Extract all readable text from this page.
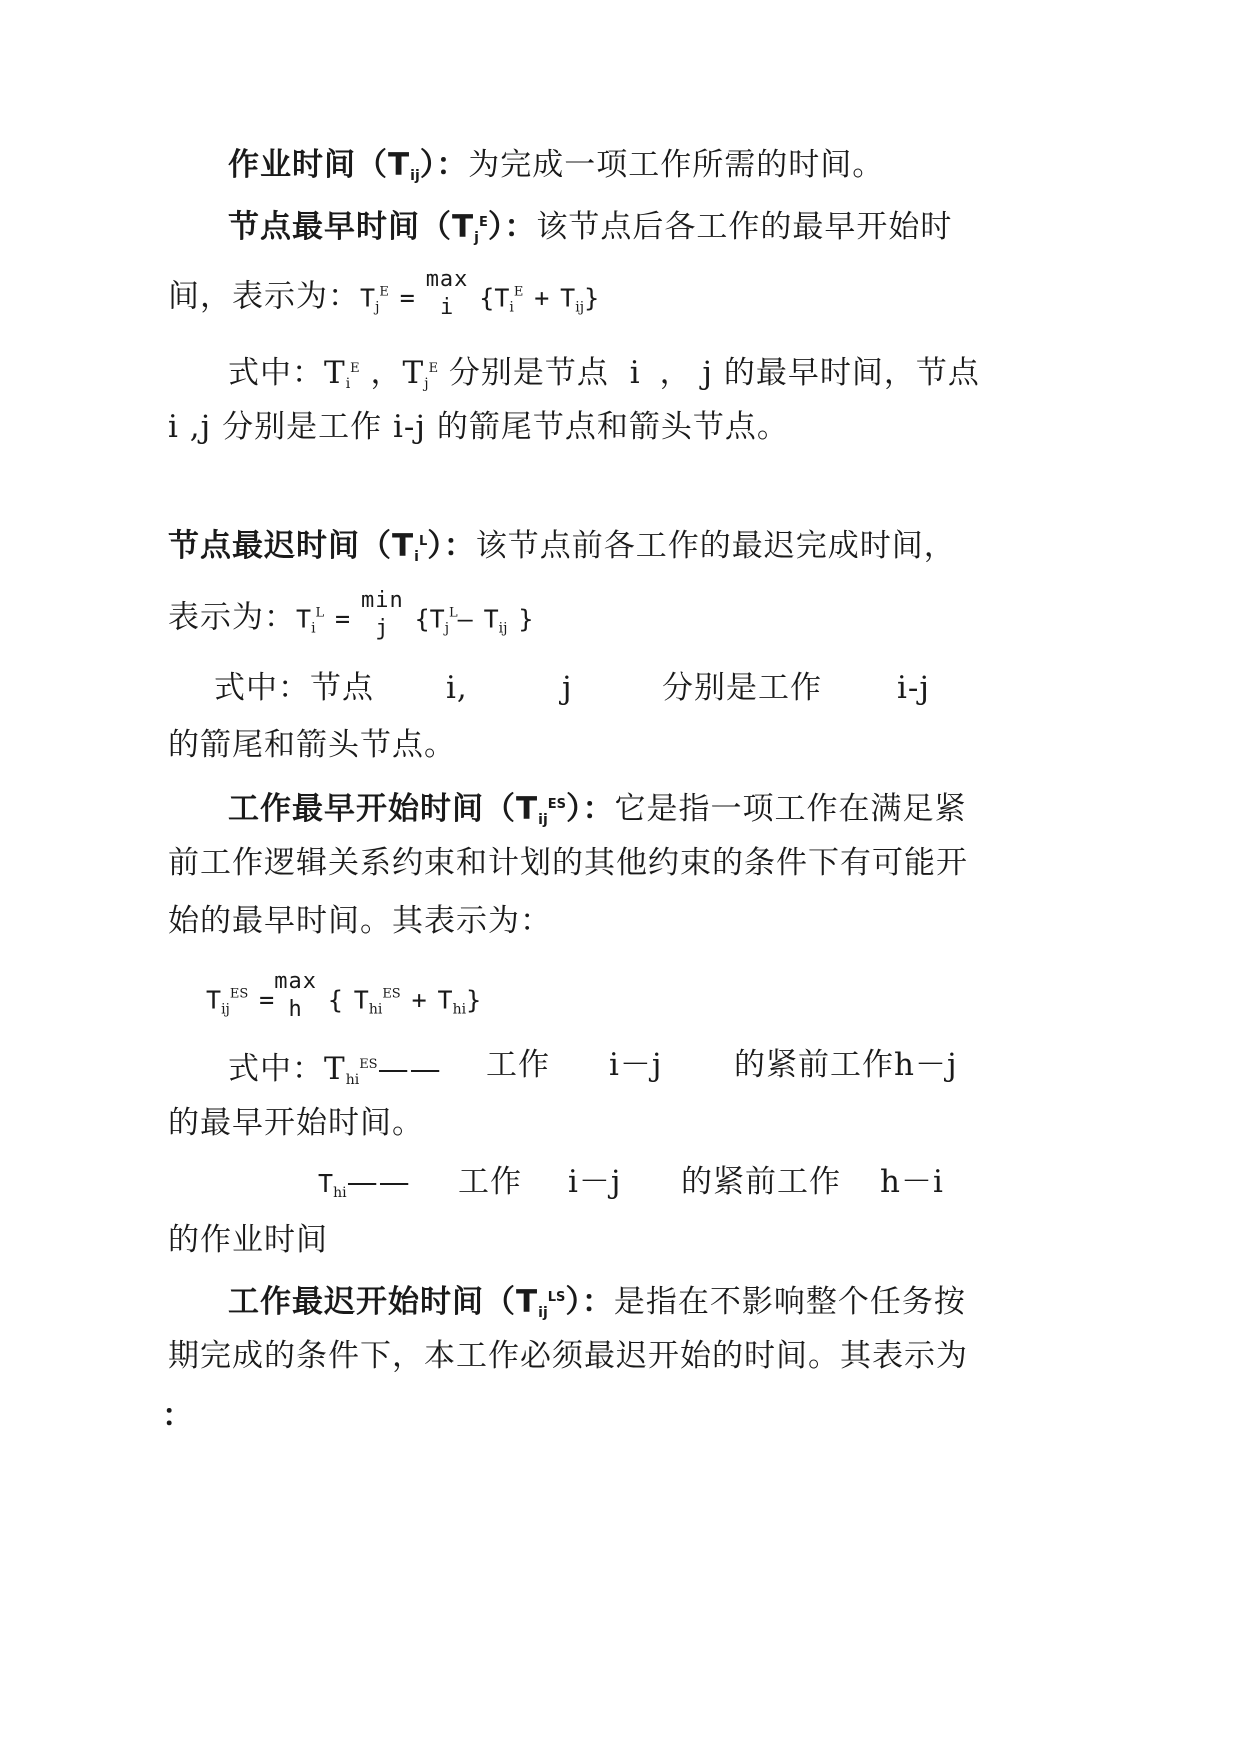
作业时间$(T_{ij})$：为完成一项工作所需的时间。
节点最早时间$(T_j^E)$：该节点后各工作的最早开始时
间，表示为：$T_j^E$ =
max
i	$\{T_i^E + T_{ij}\}$
式中：$T_i^E$ ，$T_j^E$ 分别是节点 i ， j 的最早时间，节点
i ,j 分别是工作 i-j 的箭尾节点和箭头节点。
节点最迟时间$(T_i^L)$：该节点前各工作的最迟完成时间，
表示为：$T_i^L$ =
min
j	{$T_j^L-$ $T_{ij}$ }
式中：节点 i,	j	分别是工作 i-j
的箭尾和箭头节点。
工作最早开始时间$(T_{ij}^{ES})$：它是指一项工作在满足紧
前工作逻辑关系约束和计划的其他约束的条件下有可能开
始的最早时间。其表示为：
$T_{ij}^{ES}$ =
max
h	{ $T_{hi}^{ES} + T_{hi}$}
式中：$T_{hi}^{ES}——$ 工作 i－j 的紧前工作h－j
的最早开始时间。
$T_{hi}——$ 工作 i－j 的紧前工作 h－i
的作业时间
工作最迟开始时间$(T_{ij}^{LS})$：是指在不影响整个任务按
期完成的条件下，本工作必须最迟开始的时间。其表示为
：
